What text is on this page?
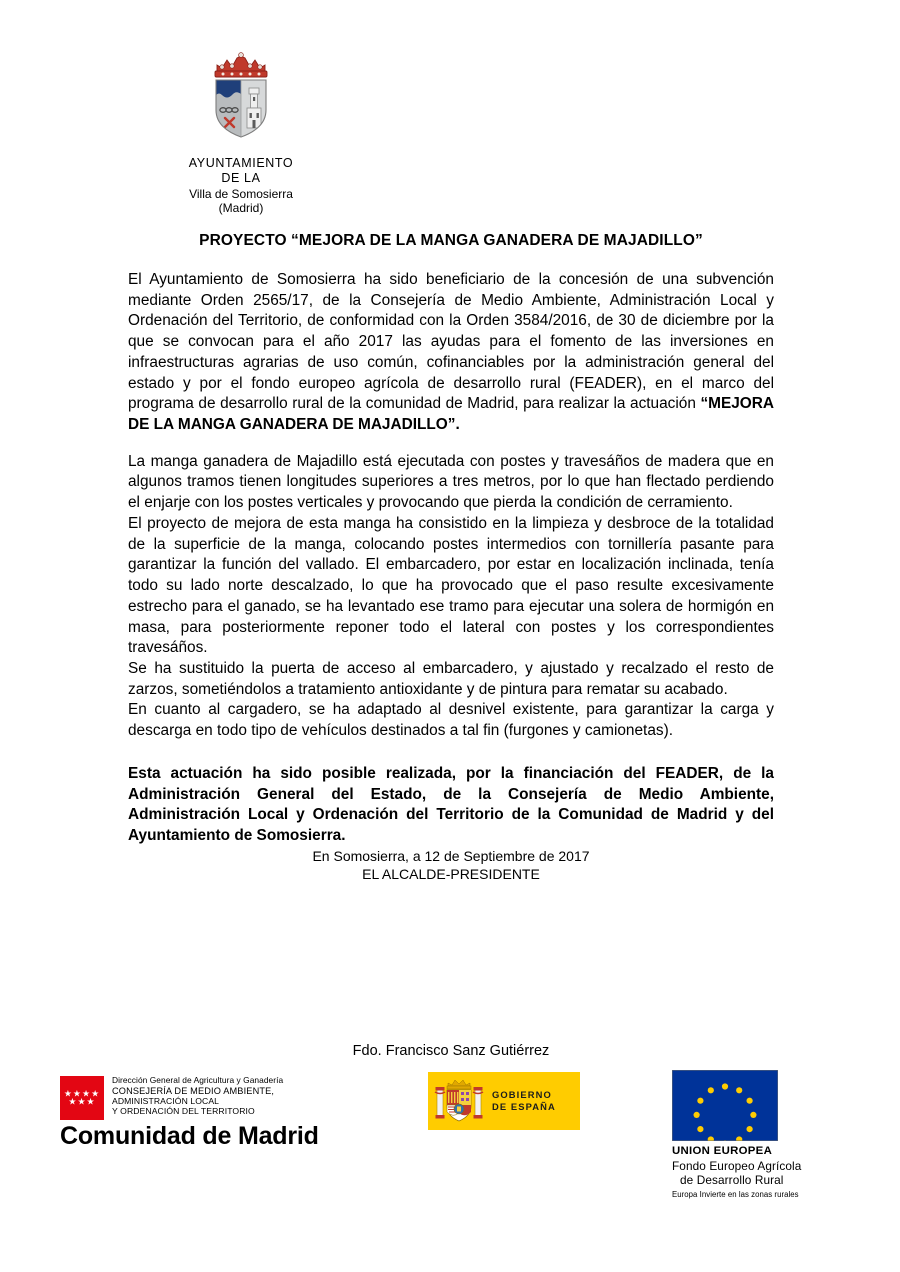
AYUNTAMIENTO
DE LA
Villa de Somosierra
(Madrid)
PROYECTO “MEJORA DE LA MANGA GANADERA DE MAJADILLO”

El Ayuntamiento de Somosierra ha sido beneficiario de la concesión de una subvención mediante Orden 2565/17, de la Consejería de Medio Ambiente, Administración Local y Ordenación del Territorio, de conformidad con la Orden 3584/2016, de 30 de diciembre por la que se convocan para el año 2017 las ayudas para el fomento de las inversiones en infraestructuras agrarias de uso común, cofinanciables por la administración general del estado y por el fondo europeo agrícola de desarrollo rural (FEADER), en el marco del programa de desarrollo rural de la comunidad de Madrid, para realizar la actuación “MEJORA DE LA MANGA GANADERA DE MAJADILLO”.

La manga ganadera de Majadillo está ejecutada con postes y travesáños de madera que en algunos tramos tienen longitudes superiores a tres metros, por lo que han flectado perdiendo el enjarje con los postes verticales y provocando que pierda la condición de cerramiento.

El proyecto de mejora de esta manga ha consistido en la limpieza y desbroce de la totalidad de la superficie de la manga, colocando postes intermedios con tornillería pasante para garantizar la función del vallado. El embarcadero, por estar en localización inclinada, tenía todo su lado norte descalzado, lo que ha provocado que el paso resulte excesivamente estrecho para el ganado, se ha levantado ese tramo para ejecutar una solera de hormigón en masa, para posteriormente reponer todo el lateral con postes y los correspondientes travesáños.

Se ha sustituido la puerta de acceso al embarcadero, y ajustado y recalzado el resto de zarzos, sometiéndolos a tratamiento antioxidante y de pintura para rematar su acabado.

En cuanto al cargadero, se ha adaptado al desnivel existente, para garantizar la carga y descarga en todo tipo de vehículos destinados a tal fin (furgones y camionetas).

Esta actuación ha sido posible realizada, por la financiación del FEADER, de la Administración General del Estado, de la Consejería de Medio Ambiente, Administración Local y Ordenación del Territorio de la Comunidad de Madrid y del Ayuntamiento de Somosierra.

En Somosierra, a 12 de Septiembre de 2017

EL ALCALDE-PRESIDENTE

Fdo. Francisco Sanz Gutiérrez
★★★★
★★★
Dirección General de Agricultura y Ganadería
CONSEJERÍA DE MEDIO AMBIENTE,
ADMINISTRACIÓN LOCAL
Y ORDENACIÓN DEL TERRITORIO
Comunidad de Madrid
GOBIERNO
DE ESPAÑA
UNION EUROPEA
Fondo Europeo Agrícola
de Desarrollo Rural
Europa Invierte en las zonas rurales
